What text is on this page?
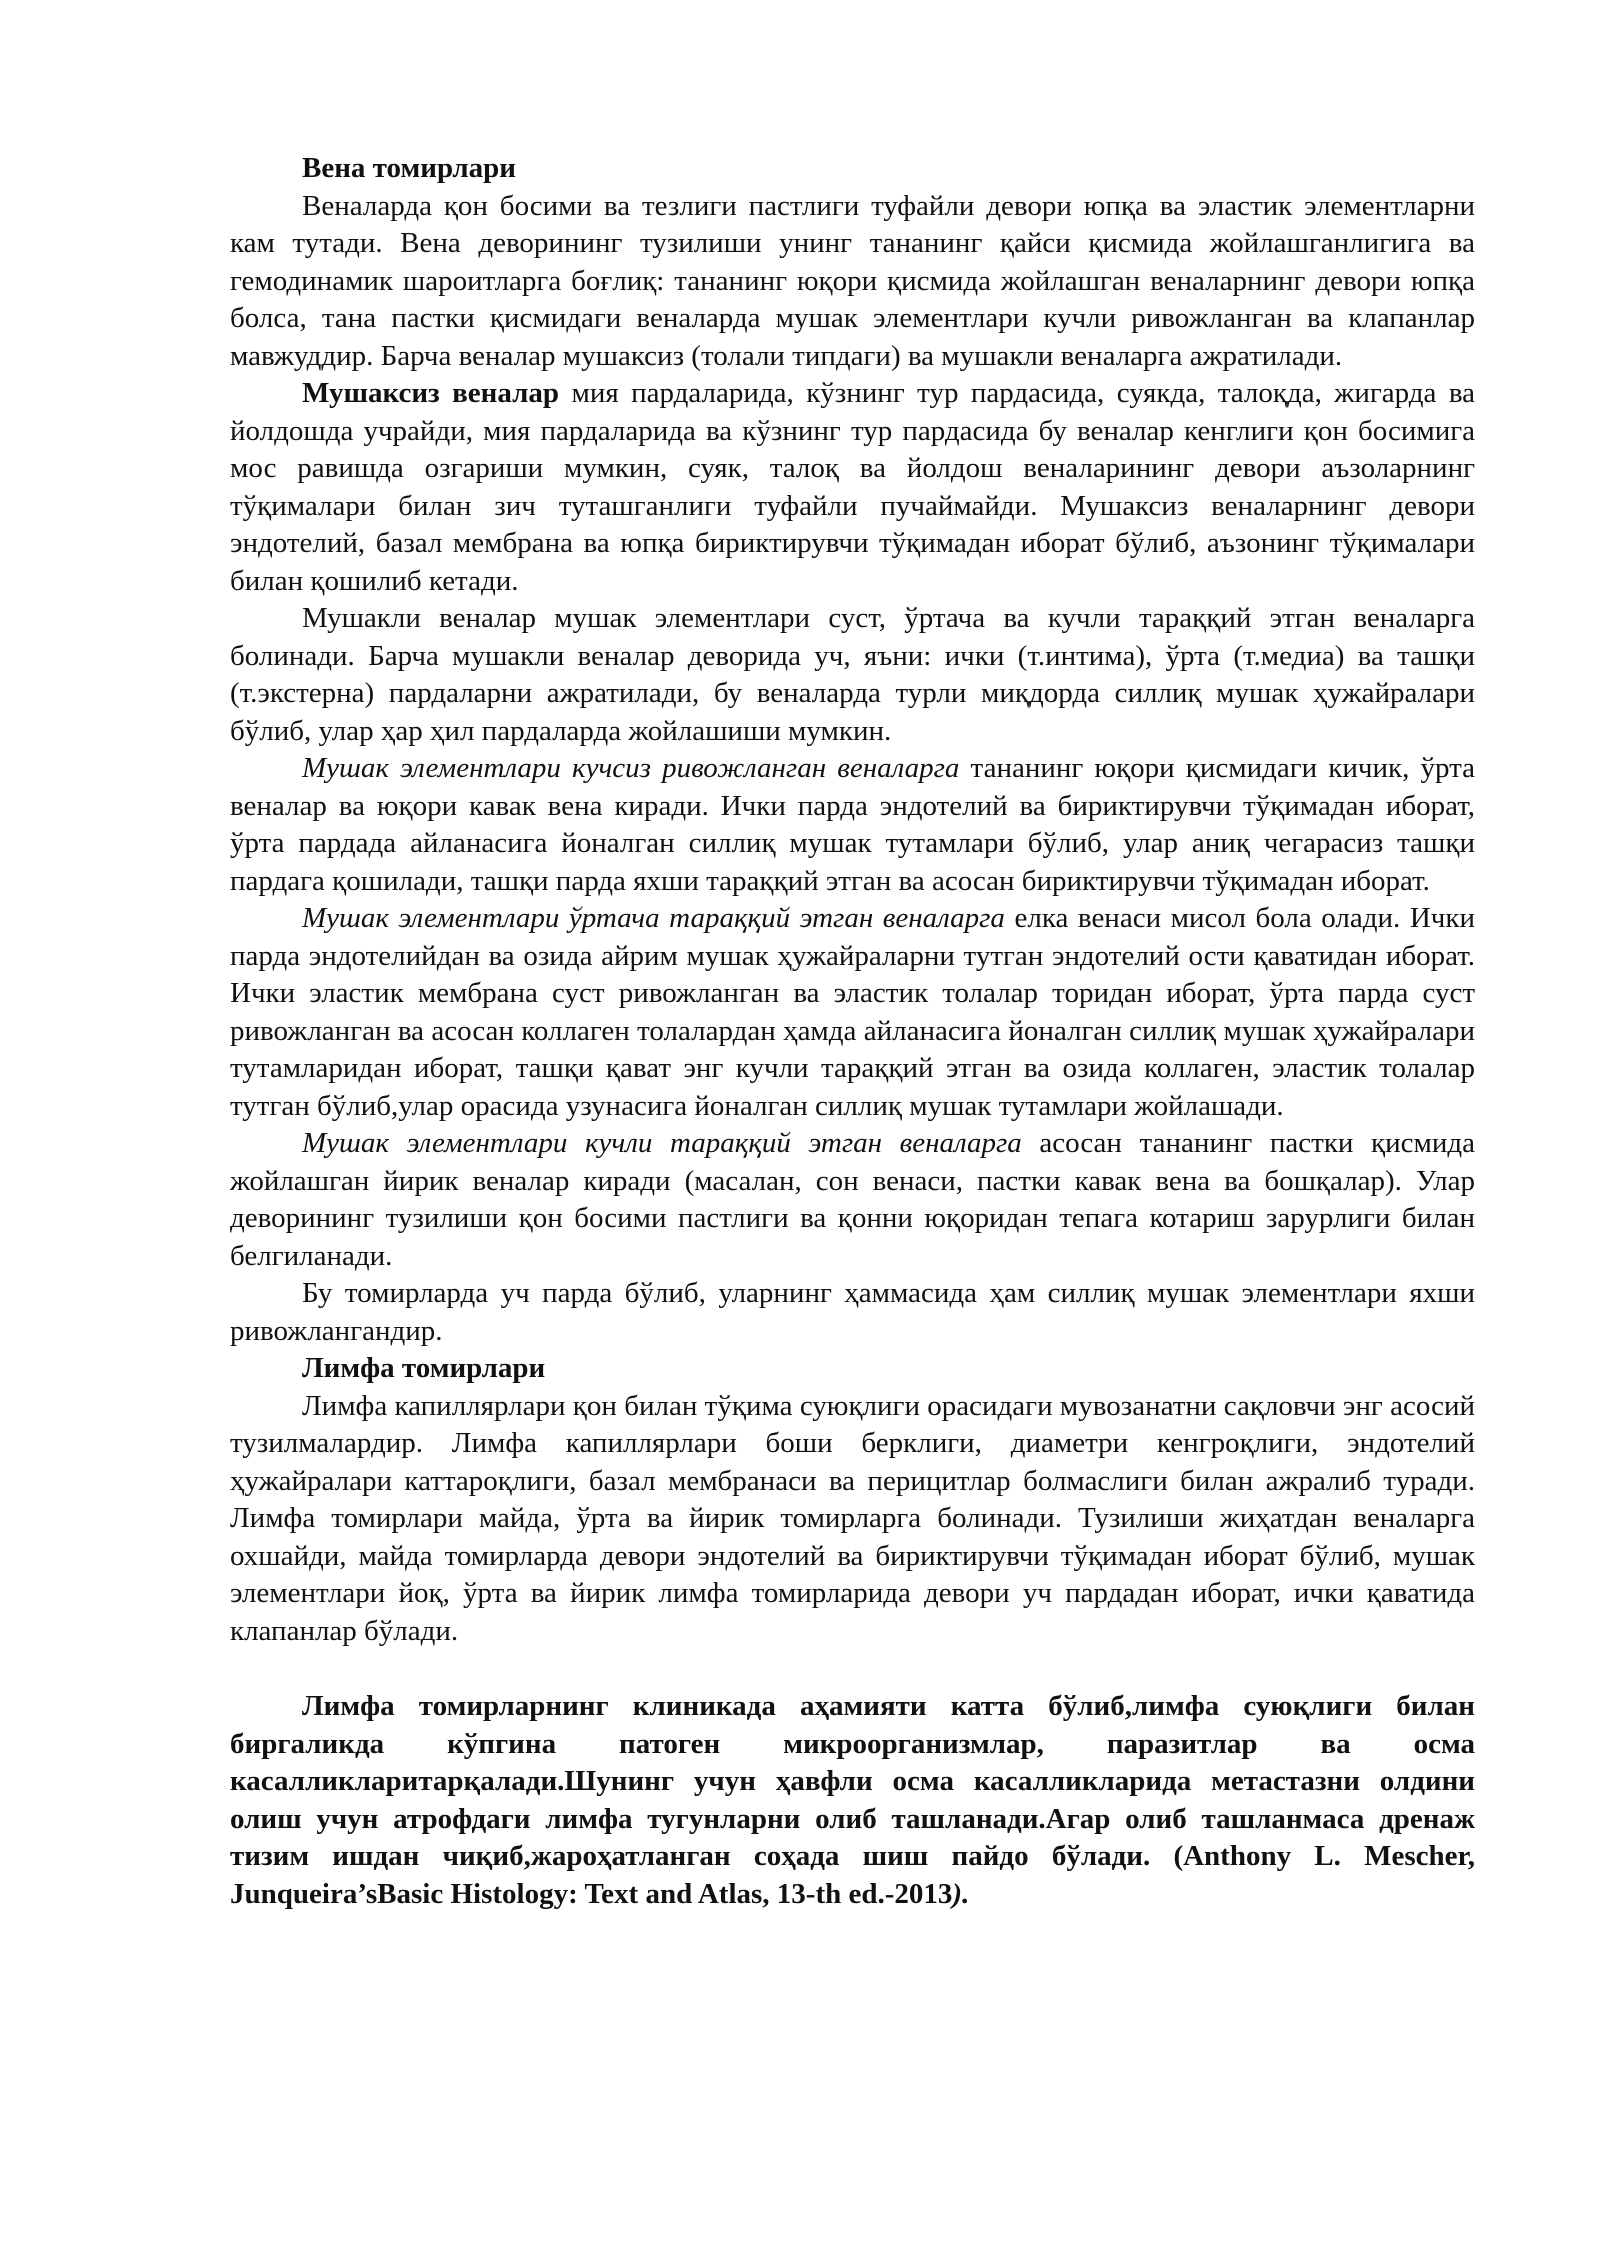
Вена томирлари

Веналарда қон босими ва тезлиги пастлиги туфайли девори юпқа ва эластик элементларни кам тутади. Вена деворининг тузилиши унинг тананинг қайси қисмида жойлашганлигига ва гемодинамик шароитларга боғлиқ: тананинг юқори қисмида жойлашган веналарнинг девори юпқа болса, тана пастки қисмидаги веналарда мушак элементлари кучли ривожланган ва клапанлар мавжуддир. Барча веналар мушаксиз (толали типдаги) ва мушакли веналарга ажратилади.

Мушаксиз веналар мия пардаларида, кўзнинг тур пардасида, суякда, талоқда, жигарда ва йолдошда учрайди, мия пардаларида ва кўзнинг тур пардасида бу веналар кенглиги қон босимига мос равишда озгариши мумкин, суяк, талоқ ва йолдош веналарининг девори аъзоларнинг тўқималари билан зич туташганлиги туфайли пучаймайди. Мушаксиз веналарнинг девори эндотелий, базал мембрана ва юпқа бириктирувчи тўқимадан иборат бўлиб, аъзонинг тўқималари билан қошилиб кетади.

Мушакли веналар мушак элементлари суст, ўртача ва кучли тараққий этган веналарга болинади. Барча мушакли веналар деворида уч, яъни: ички (т.интима), ўрта (т.медиа) ва ташқи (т.экстерна) пардаларни ажратилади, бу веналарда турли миқдорда силлиқ мушак ҳужайралари бўлиб, улар ҳар ҳил пардаларда жойлашиши мумкин.

Мушак элементлари кучсиз ривожланган веналарга тананинг юқори қисмидаги кичик, ўрта веналар ва юқори кавак вена киради. Ички парда эндотелий ва бириктирувчи тўқимадан иборат, ўрта пардада айланасига йоналган силлиқ мушак тутамлари бўлиб, улар аниқ чегарасиз ташқи пардага қошилади, ташқи парда яхши тараққий этган ва асосан бириктирувчи тўқимадан иборат.

Мушак элементлари ўртача тараққий этган веналарга елка венаси мисол бола олади. Ички парда эндотелийдан ва озида айрим мушак ҳужайраларни тутган эндотелий ости қаватидан иборат. Ички эластик мембрана суст ривожланган ва эластик толалар торидан иборат, ўрта парда суст ривожланган ва асосан коллаген толалардан ҳамда айланасига йоналган силлиқ мушак ҳужайралари тутамларидан иборат, ташқи қават энг кучли тараққий этган ва озида коллаген, эластик толалар тутган бўлиб,улар орасида узунасига йоналган силлиқ мушак тутамлари жойлашади.

Мушак элементлари кучли тараққий этган веналарга асосан тананинг пастки қисмида жойлашган йирик веналар киради (масалан, сон венаси, пастки кавак вена ва бошқалар). Улар деворининг тузилиши қон босими пастлиги ва қонни юқоридан тепага котариш зарурлиги билан белгиланади.

Бу томирларда уч парда бўлиб, уларнинг ҳаммасида ҳам силлиқ мушак элементлари яхши ривожлангандир.

Лимфа томирлари

Лимфа капиллярлари қон билан тўқима суюқлиги орасидаги мувозанатни сақловчи энг асосий тузилмалардир. Лимфа капиллярлари боши берклиги, диаметри кенгроқлиги, эндотелий ҳужайралари каттароқлиги, базал мембранаси ва перицитлар болмаслиги билан ажралиб туради. Лимфа томирлари майда, ўрта ва йирик томирларга болинади. Тузилиши жиҳатдан веналарга охшайди, майда томирларда девори эндотелий ва бириктирувчи тўқимадан иборат бўлиб, мушак элементлари йоқ, ўрта ва йирик лимфа томирларида девори уч пардадан иборат, ички қаватида клапанлар бўлади.

Лимфа томирларнинг клиникада аҳамияти катта бўлиб,лимфа суюқлиги билан биргаликда кўпгина патоген микроорганизмлар, паразитлар ва осма касалликларитарқалади.Шунинг учун ҳавфли осма касалликларида метастазни олдини олиш учун атрофдаги лимфа тугунларни олиб ташланади.Агар олиб ташланмаса дренаж тизим ишдан чиқиб,жароҳатланган соҳада шиш пайдо бўлади. (Anthony L. Mescher, Junqueira’sBasic Histology: Text and Atlas, 13-th ed.-2013).
